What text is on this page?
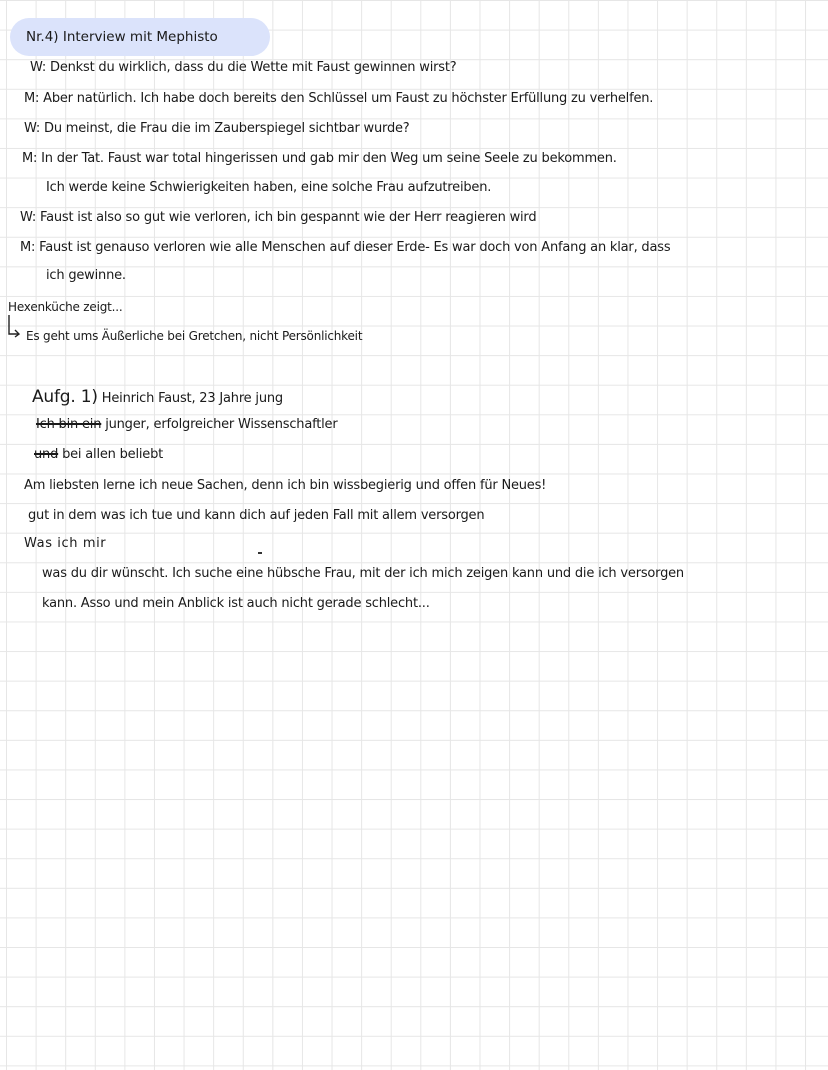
Nr.4) Interview mit Mephisto
W: Denkst du wirklich, dass du die Wette mit Faust gewinnen wirst?
M: Aber natürlich. Ich habe doch bereits den Schlüssel um Faust zu höchster Erfüllung zu verhelfen.
W: Du meinst, die Frau die im Zauberspiegel sichtbar wurde?
M: In der Tat. Faust war total hingerissen und gab mir den Weg um seine Seele zu bekommen.
Ich werde keine Schwierigkeiten haben, eine solche Frau aufzutreiben.
W: Faust ist also so gut wie verloren, ich bin gespannt wie der Herr reagieren wird
M: Faust ist genauso verloren wie alle Menschen auf dieser Erde- Es war doch von Anfang an klar, dass
ich gewinne.
Hexenküche zeigt...
Es geht ums Äußerliche bei Gretchen, nicht Persönlichkeit
Aufg. 1) Heinrich Faust, 23 Jahre jung
Ich bin ein junger, erfolgreicher Wissenschaftler
und bei allen beliebt
Am liebsten lerne ich neue Sachen, denn ich bin wissbegierig und offen für Neues!
gut in dem was ich tue und kann dich auf jeden Fall mit allem versorgen
Was ich mir
was du dir wünscht. Ich suche eine hübsche Frau, mit der ich mich zeigen kann und die ich versorgen
kann. Asso und mein Anblick ist auch nicht gerade schlecht...
